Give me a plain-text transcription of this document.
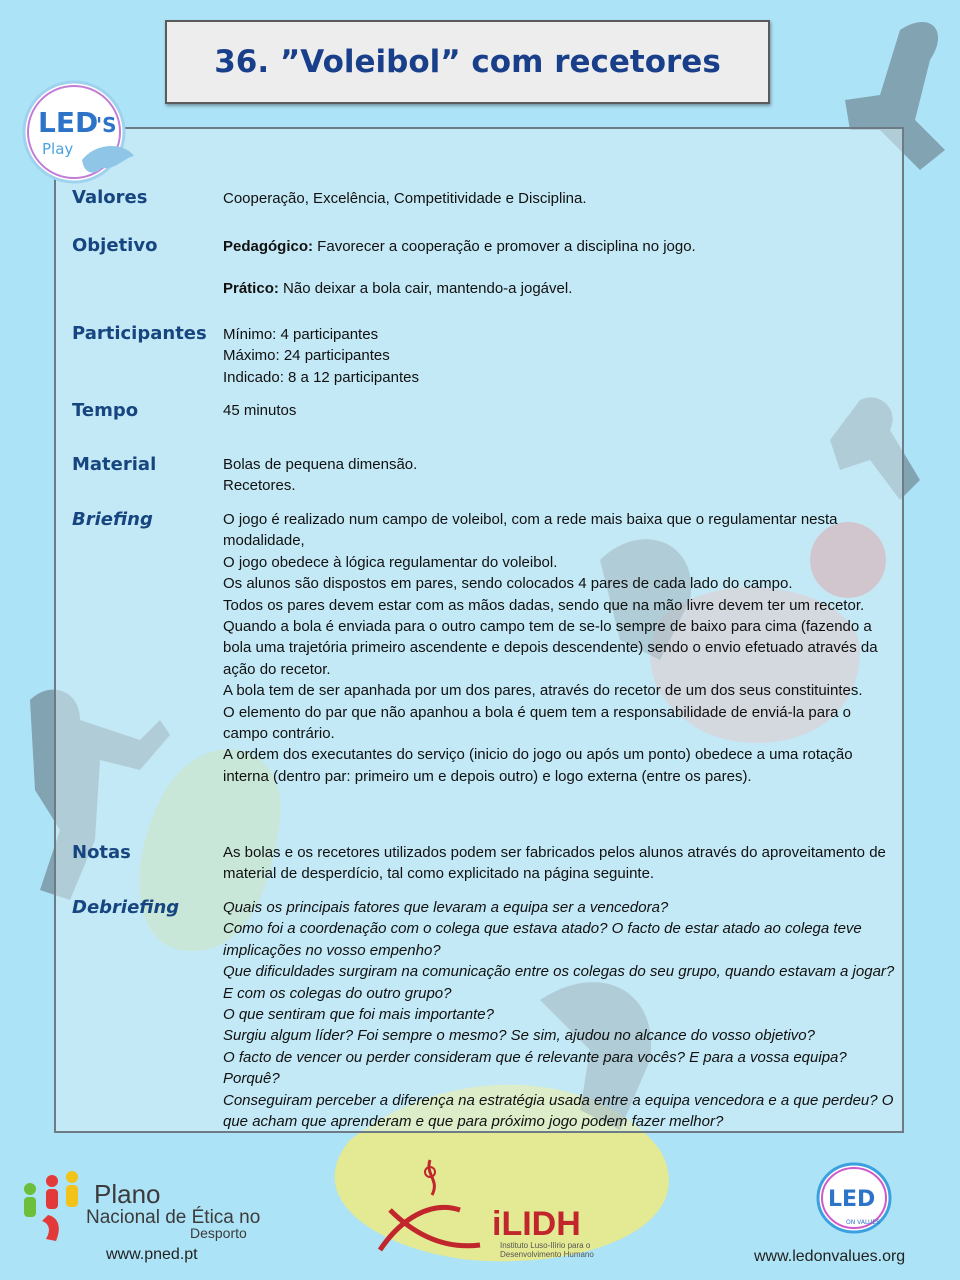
36. ”Voleibol” com recetores
LED
'S
Play
Valores	Cooperação, Excelência, Competitividade e Disciplina.
Objetivo	Pedagógico: Favorecer a cooperação e promover a disciplina no jogo.

Prático: Não deixar a bola cair, mantendo-a jogável.

Participantes	Mínimo: 4 participantes

Máximo: 24 participantes

Indicado: 8 a 12 participantes

Tempo	45 minutos
Material	Bolas de pequena dimensão.

Recetores.

Briefing	O jogo é realizado num campo de voleibol, com a rede mais baixa que o regulamentar nesta modalidade,

O jogo obedece à lógica regulamentar do voleibol.

Os alunos são dispostos em pares, sendo colocados 4 pares de cada lado do campo.

Todos os pares devem estar com as mãos dadas, sendo que na mão livre devem ter um recetor.

Quando a bola é enviada para o outro campo tem de se-lo sempre de baixo para cima (fazendo a bola uma trajetória primeiro ascendente e depois descendente) sendo o envio efetuado através da ação do recetor.

A bola tem de ser apanhada por um dos pares, através do recetor de um dos seus constituintes.

O elemento do par que não apanhou a bola é quem tem a responsabilidade de enviá-la para o campo contrário.

A ordem dos executantes do serviço (inicio do jogo ou após um ponto) obedece a uma rotação interna (dentro par: primeiro um e depois outro) e logo externa (entre os pares).

Notas	As bolas e os recetores utilizados podem ser fabricados pelos alunos através do aproveitamento de material de desperdício, tal como explicitado na página seguinte.
Debriefing	Quais os principais fatores que levaram a equipa ser a vencedora?

Como foi a coordenação com o colega que estava atado? O facto de estar atado ao colega teve implicações no vosso empenho?

Que dificuldades surgiram na comunicação entre os colegas do seu grupo, quando estavam a jogar? E com os colegas do outro grupo?

O que sentiram que foi mais importante?

Surgiu algum líder? Foi sempre o mesmo? Se sim, ajudou no alcance do vosso objetivo?

O facto de vencer ou perder consideram que é relevante para vocês? E para a vossa equipa? Porquê?

Conseguiram perceber a diferença na estratégia usada entre a equipa vencedora e a que perdeu? O que acham que aprenderam e que para próximo jogo podem fazer melhor?

Plano
Nacional de Ética no
Desporto
www.pned.pt
iLIDH
Instituto Luso-Ilírio para o
Desenvolvimento Humano
LED
ON VALUES
www.ledonvalues.org
